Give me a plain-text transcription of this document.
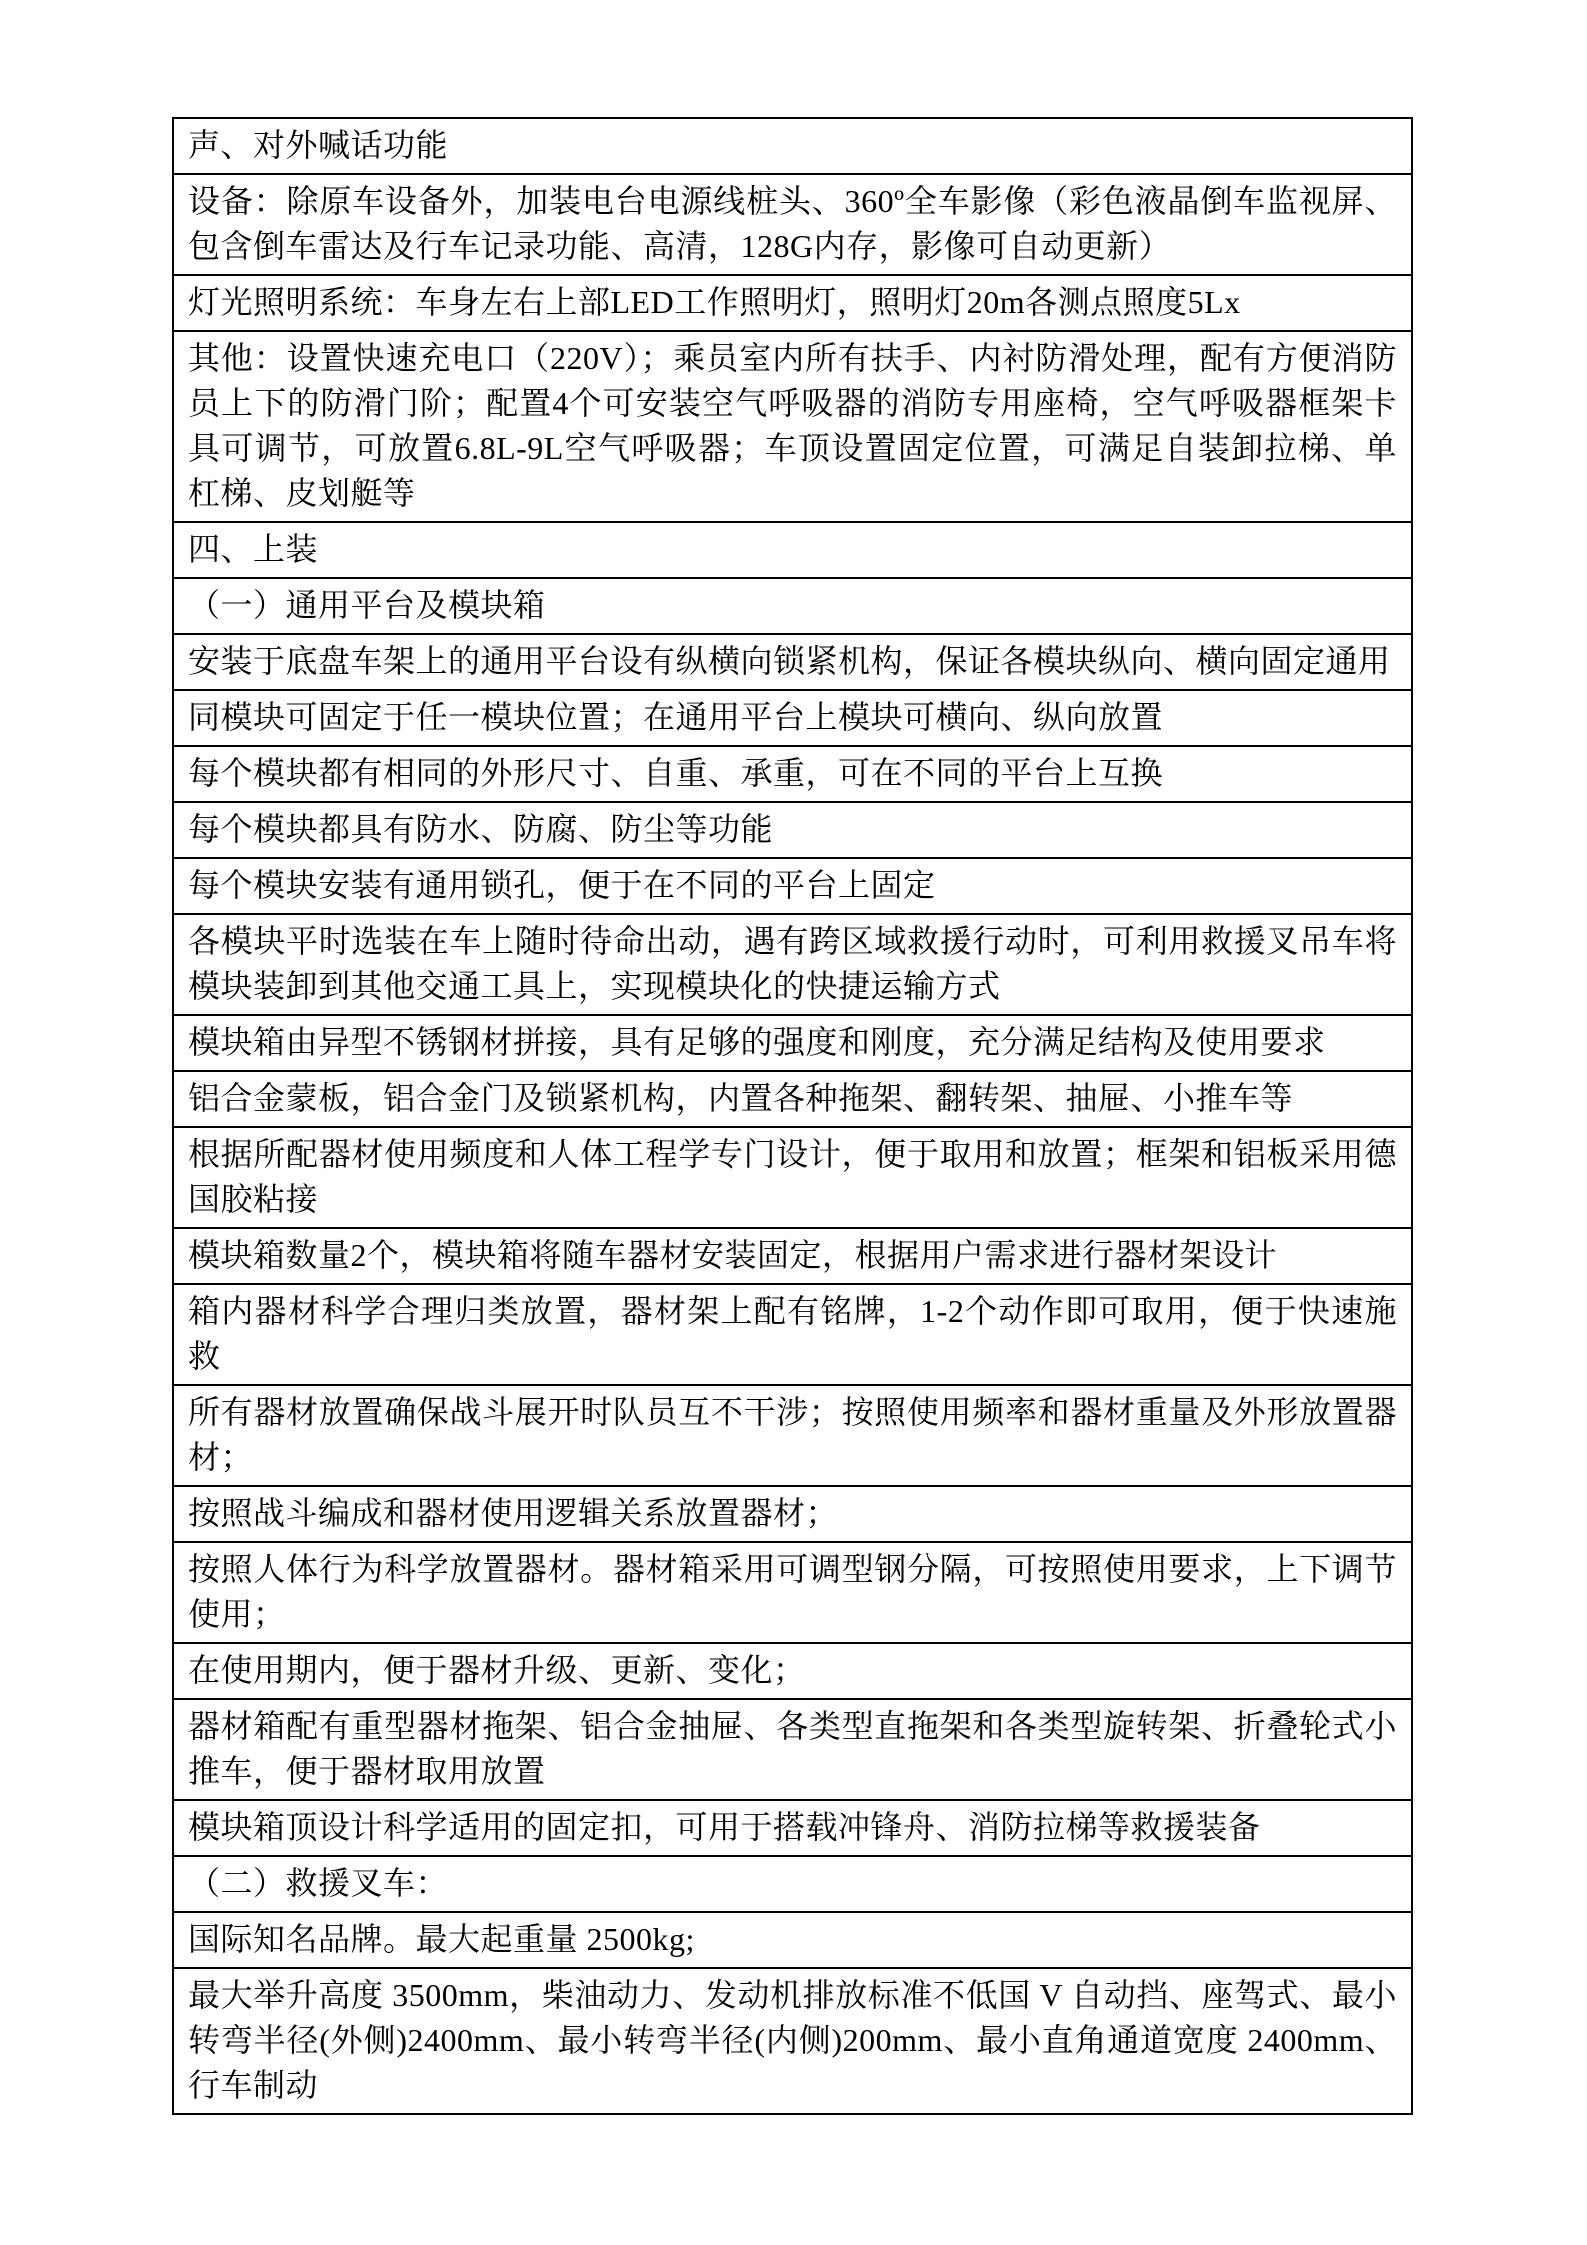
声、对外喊话功能
设备：除原车设备外，加装电台电源线桩头、360º全车影像（彩色液晶倒车监视屏、包含倒车雷达及行车记录功能、高清，128G内存，影像可自动更新）
灯光照明系统：车身左右上部LED工作照明灯，照明灯20m各测点照度5Lx
其他：设置快速充电口（220V）；乘员室内所有扶手、内衬防滑处理，配有方便消防员上下的防滑门阶；配置4个可安装空气呼吸器的消防专用座椅，空气呼吸器框架卡具可调节，可放置6.8L-9L空气呼吸器；车顶设置固定位置，可满足自装卸拉梯、单杠梯、皮划艇等
四、上装
（一）通用平台及模块箱
安装于底盘车架上的通用平台设有纵横向锁紧机构，保证各模块纵向、横向固定通用
同模块可固定于任一模块位置；在通用平台上模块可横向、纵向放置
每个模块都有相同的外形尺寸、自重、承重，可在不同的平台上互换
每个模块都具有防水、防腐、防尘等功能
每个模块安装有通用锁孔，便于在不同的平台上固定
各模块平时选装在车上随时待命出动，遇有跨区域救援行动时，可利用救援叉吊车将模块装卸到其他交通工具上，实现模块化的快捷运输方式
模块箱由异型不锈钢材拼接，具有足够的强度和刚度，充分满足结构及使用要求
铝合金蒙板，铝合金门及锁紧机构，内置各种拖架、翻转架、抽屉、小推车等
根据所配器材使用频度和人体工程学专门设计，便于取用和放置；框架和铝板采用德国胶粘接
模块箱数量2个，模块箱将随车器材安装固定，根据用户需求进行器材架设计
箱内器材科学合理归类放置，器材架上配有铭牌，1-2个动作即可取用，便于快速施救
所有器材放置确保战斗展开时队员互不干涉；按照使用频率和器材重量及外形放置器材；
按照战斗编成和器材使用逻辑关系放置器材；
按照人体行为科学放置器材。器材箱采用可调型钢分隔，可按照使用要求，上下调节使用；
在使用期内，便于器材升级、更新、变化；
器材箱配有重型器材拖架、铝合金抽屉、各类型直拖架和各类型旋转架、折叠轮式小推车，便于器材取用放置
模块箱顶设计科学适用的固定扣，可用于搭载冲锋舟、消防拉梯等救援装备
（二）救援叉车：
国际知名品牌。最大起重量 2500kg;
最大举升高度 3500mm，柴油动力、发动机排放标准不低国 V 自动挡、座驾式、最小转弯半径(外侧)2400mm、最小转弯半径(内侧)200mm、最小直角通道宽度 2400mm、行车制动
